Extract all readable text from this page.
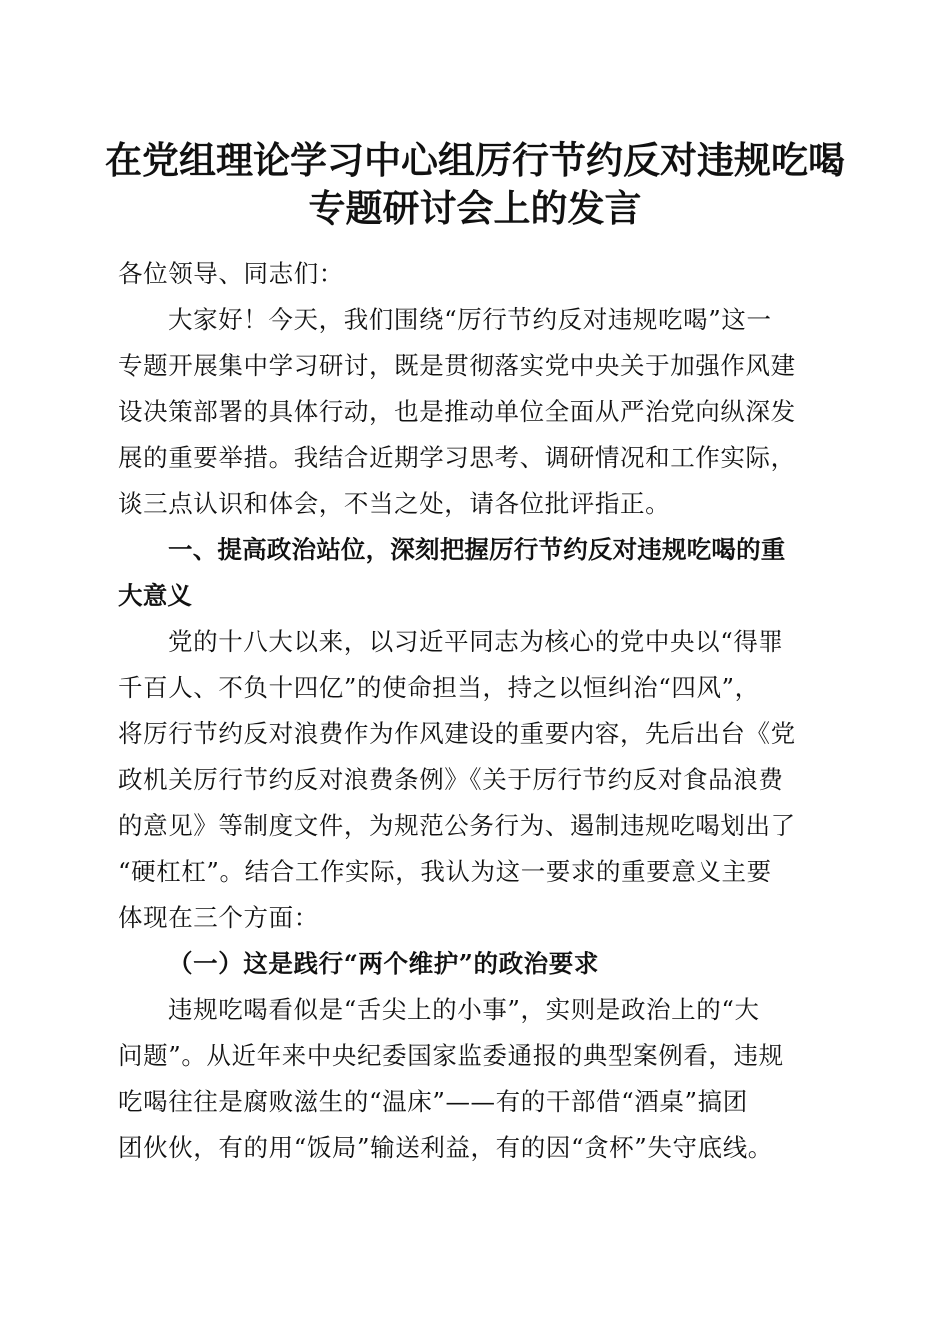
在党组理论学习中心组厉行节约反对违规吃喝
专题研讨会上的发言
各位领导、同志们：
大家好！今天，我们围绕“厉行节约反对违规吃喝”这一
专题开展集中学习研讨，既是贯彻落实党中央关于加强作风建
设决策部署的具体行动，也是推动单位全面从严治党向纵深发
展的重要举措。我结合近期学习思考、调研情况和工作实际，
谈三点认识和体会，不当之处，请各位批评指正。
一、提高政治站位，深刻把握厉行节约反对违规吃喝的重
大意义
党的十八大以来，以习近平同志为核心的党中央以“得罪
千百人、不负十四亿”的使命担当，持之以恒纠治“四风”，
将厉行节约反对浪费作为作风建设的重要内容，先后出台《党
政机关厉行节约反对浪费条例》《关于厉行节约反对食品浪费
的意见》等制度文件，为规范公务行为、遏制违规吃喝划出了
“硬杠杠”。结合工作实际，我认为这一要求的重要意义主要
体现在三个方面：
（一）这是践行“两个维护”的政治要求
违规吃喝看似是“舌尖上的小事”，实则是政治上的“大
问题”。从近年来中央纪委国家监委通报的典型案例看，违规
吃喝往往是腐败滋生的“温床”——有的干部借“酒桌”搞团
团伙伙，有的用“饭局”输送利益，有的因“贪杯”失守底线。
